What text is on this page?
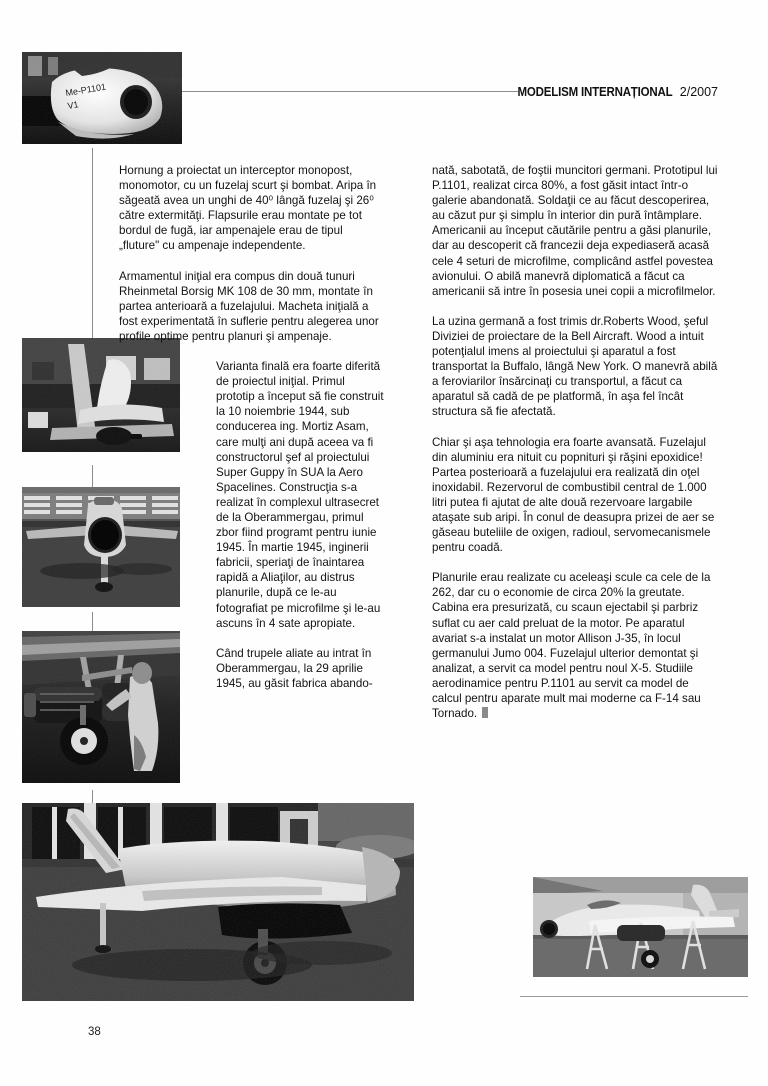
MODELISM INTERNAȚIONAL 2/2007

Hornung a proiectat un interceptor monopost, monomotor, cu un fuzelaj scurt şi bombat. Aripa în săgeată avea un unghi de 40⁰ lângă fuzelaj şi 26⁰ către extermităţi. Flapsurile erau montate pe tot bordul de fugă, iar ampenajele erau de tipul „fluture" cu ampenaje independente.

Armamentul iniţial era compus din două tunuri Rheinmetal Borsig MK 108 de 30 mm, montate în partea anterioară a fuzelajului. Macheta iniţială a fost experimentată în suflerie pentru alegerea unor profile optime pentru planuri şi ampenaje.

Varianta finală era foarte diferită de proiectul iniţial. Primul prototip a început să fie construit la 10 noiembrie 1944, sub conducerea ing. Mortiz Asam, care mulţi ani după aceea va fi constructorul şef al proiectului Super Guppy în SUA la Aero Spacelines. Construcţia s-a realizat în complexul ultrasecret de la Oberammergau, primul zbor fiind programt pentru iunie 1945. În martie 1945, inginerii fabricii, speriaţi de înaintarea rapidă a Aliaţilor, au distrus planurile, după ce le-au fotografiat pe microfilme şi le-au ascuns în 4 sate apropiate.

Când trupele aliate au intrat în Oberammergau, la 29 aprilie 1945, au găsit fabrica abando-

nată, sabotată, de foştii muncitori germani. Prototipul lui P.1101, realizat circa 80%, a fost găsit intact într-o galerie abandonată. Soldaţii ce au făcut descoperirea, au căzut pur şi simplu în interior din pură întâmplare. Americanii au început căutările pentru a găsi planurile, dar au descoperit că francezii deja expediaseră acasă cele 4 seturi de microfilme, complicând astfel povestea avionului. O abilă manevră diplomatică a făcut ca americanii să intre în posesia unei copii a microfilmelor.

La uzina germană a fost trimis dr.Roberts Wood, şeful Diviziei de proiectare de la Bell Aircraft. Wood a intuit potenţialul imens al proiectului şi aparatul a fost transportat la Buffalo, lângă New York. O manevră abilă a feroviarilor însărcinaţi cu transportul, a făcut ca aparatul să cadă de pe platformă, în aşa fel încât structura să fie afectată.

Chiar şi aşa tehnologia era foarte avansată. Fuzelajul din aluminiu era nituit cu popnituri şi răşini epoxidice! Partea posterioară a fuzelajului era realizată din oţel inoxidabil. Rezervorul de combustibil central de 1.000 litri putea fi ajutat de alte două rezervoare largabile ataşate sub aripi. În conul de deasupra prizei de aer se găseau buteliile de oxigen, radioul, servomecanismele pentru coadă.

Planurile erau realizate cu aceleaşi scule ca cele de la 262, dar cu o economie de circa 20% la greutate. Cabina era presurizată, cu scaun ejectabil şi parbriz suflat cu aer cald preluat de la motor. Pe aparatul avariat s-a instalat un motor Allison J-35, în locul germanului Jumo 004. Fuzelajul ulterior demontat şi analizat, a servit ca model pentru noul X-5. Studiile aerodinamice pentru P.1101 au servit ca model de calcul pentru aparate mult mai moderne ca F-14 sau Tornado.

38
